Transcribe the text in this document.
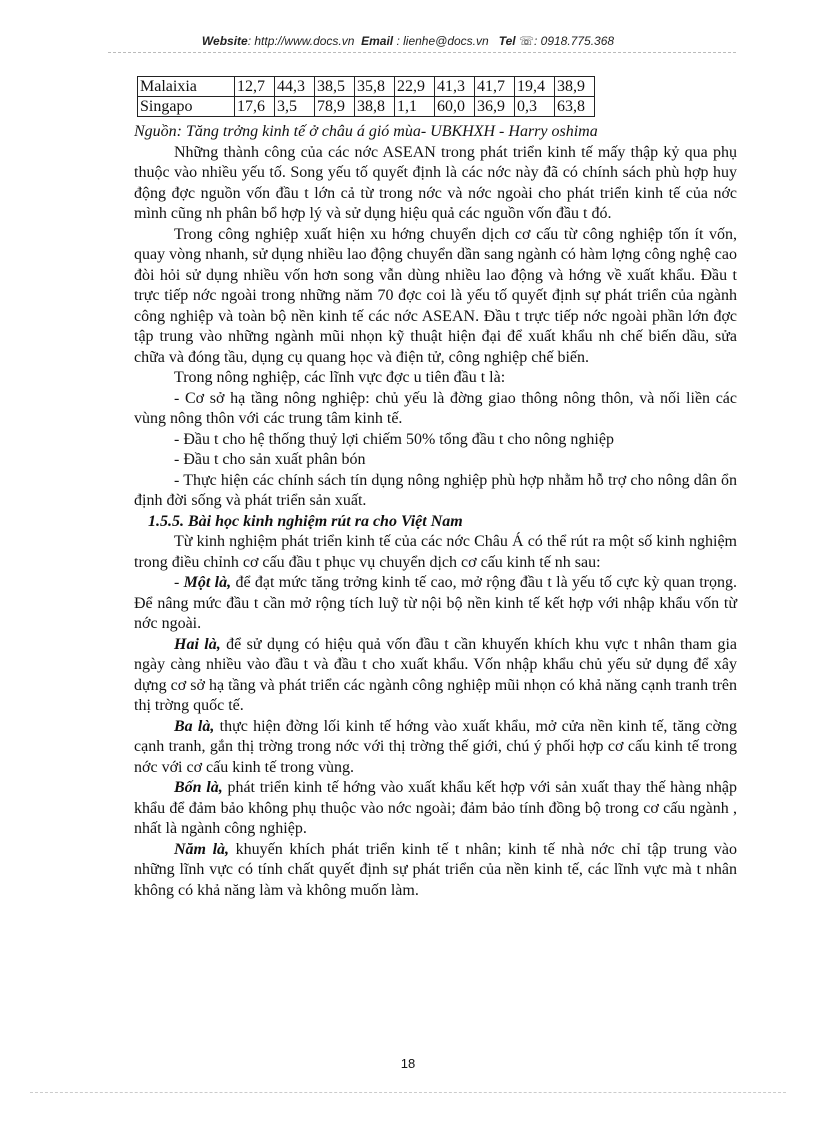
Website: http://www.docs.vn Email : lienhe@docs.vn Tel ☏: 0918.775.368
Malaixia	12,7	44,3	38,5	35,8	22,9	41,3	41,7	19,4	38,9
Singapo	17,6	3,5	78,9	38,8	1,1	60,0	36,9	0,3	63,8

Nguồn: Tăng trởng kinh tế ở châu á gió mùa- UBKHXH - Harry oshima

Những thành công của các nớc ASEAN trong phát triển kinh tế mấy thập kỷ qua phụ thuộc vào nhiều yếu tố. Song yếu tố quyết định là các nớc này đã có chính sách phù hợp huy động đợc nguồn vốn đầu t lớn cả từ trong nớc và nớc ngoài cho phát triển kinh tế của nớc mình cũng nh phân bổ hợp lý và sử dụng hiệu quả các nguồn vốn đầu t đó.

Trong công nghiệp xuất hiện xu hớng chuyển dịch cơ cấu từ công nghiệp tốn ít vốn, quay vòng nhanh, sử dụng nhiều lao động chuyển dần sang ngành có hàm lợng công nghệ cao đòi hỏi sử dụng nhiều vốn hơn song vẫn dùng nhiều lao động và hớng về xuất khẩu. Đầu t trực tiếp nớc ngoài trong những năm 70 đợc coi là yếu tố quyết định sự phát triển của ngành công nghiệp và toàn bộ nền kinh tế các nớc ASEAN. Đầu t trực tiếp nớc ngoài phần lớn đợc tập trung vào những ngành mũi nhọn kỹ thuật hiện đại để xuất khẩu nh chế biến dầu, sửa chữa và đóng tầu, dụng cụ quang học và điện tử, công nghiệp chế biến.

Trong nông nghiệp, các lĩnh vực đợc u tiên đầu t là:

- Cơ sở hạ tầng nông nghiệp: chủ yếu là đờng giao thông nông thôn, và nối liền các vùng nông thôn với các trung tâm kinh tế.

- Đầu t cho hệ thống thuỷ lợi chiếm 50% tổng đầu t cho nông nghiệp

- Đầu t cho sản xuất phân bón

- Thực hiện các chính sách tín dụng nông nghiệp phù hợp nhằm hỗ trợ cho nông dân ổn định đời sống và phát triển sản xuất.

1.5.5. Bài học kinh nghiệm rút ra cho Việt Nam

Từ kinh nghiệm phát triển kinh tế của các nớc Châu Á có thể rút ra một số kinh nghiệm trong điều chỉnh cơ cấu đầu t phục vụ chuyển dịch cơ cấu kinh tế nh sau:

- Một là, để đạt mức tăng trởng kinh tế cao, mở rộng đầu t là yếu tố cực kỳ quan trọng. Để nâng mức đầu t cần mở rộng tích luỹ từ nội bộ nền kinh tế kết hợp với nhập khẩu vốn từ nớc ngoài.

Hai là, để sử dụng có hiệu quả vốn đầu t cần khuyến khích khu vực t nhân tham gia ngày càng nhiều vào đầu t và đầu t cho xuất khẩu. Vốn nhập khẩu chủ yếu sử dụng để xây dựng cơ sở hạ tầng và phát triển các ngành công nghiệp mũi nhọn có khả năng cạnh tranh trên thị trờng quốc tế.

Ba là, thực hiện đờng lối kinh tế hớng vào xuất khẩu, mở cửa nền kinh tế, tăng cờng cạnh tranh, gắn thị trờng trong nớc với thị trờng thế giới, chú ý phối hợp cơ cấu kinh tế trong nớc với cơ cấu kinh tế trong vùng.

Bốn là, phát triển kinh tế hớng vào xuất khẩu kết hợp với sản xuất thay thế hàng nhập khẩu để đảm bảo không phụ thuộc vào nớc ngoài; đảm bảo tính đồng bộ trong cơ cấu ngành , nhất là ngành công nghiệp.

Năm là, khuyến khích phát triển kinh tế t nhân; kinh tế nhà nớc chỉ tập trung vào những lĩnh vực có tính chất quyết định sự phát triển của nền kinh tế, các lĩnh vực mà t nhân không có khả năng làm và không muốn làm.

18
